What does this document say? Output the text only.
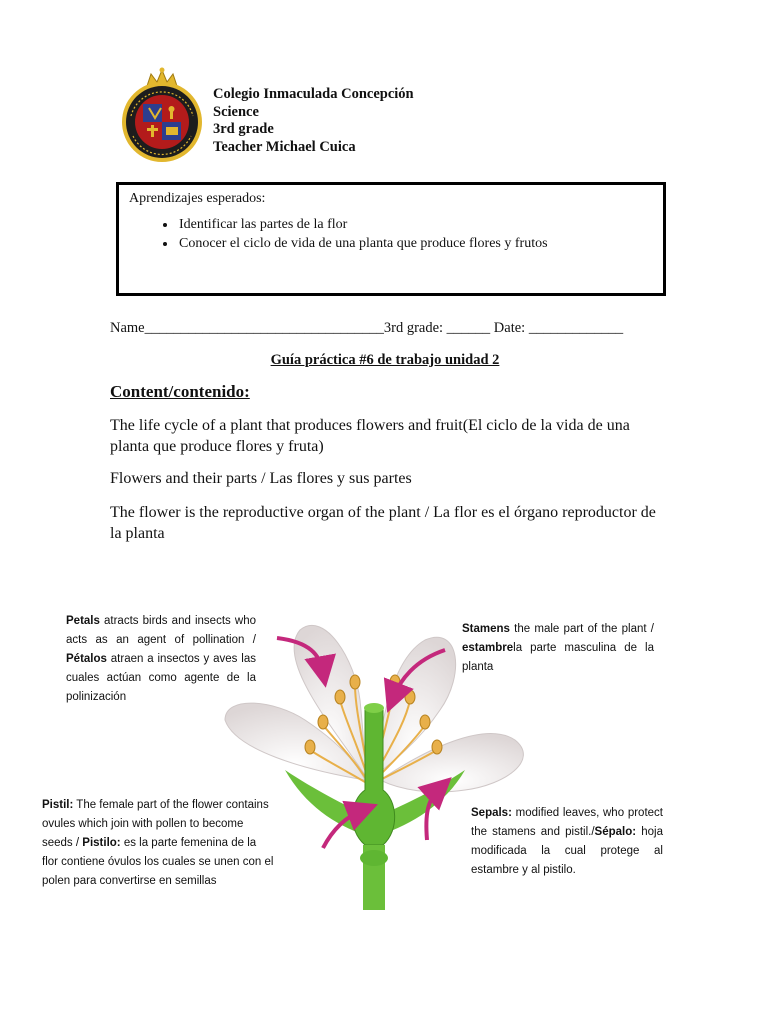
Colegio Inmaculada Concepción
Science
3rd grade
Teacher Michael Cuica
Aprendizajes esperados:
• Identificar las partes de la flor
• Conocer el ciclo de vida de una planta que produce flores y frutos
Name_________________________________3rd grade: ______ Date: _____________
Guía práctica #6 de trabajo unidad 2
Content/contenido:
The life cycle of a plant that produces flowers and fruit(El ciclo de la vida de una planta que produce flores y fruta)
Flowers and their parts / Las flores y sus partes
The flower is the reproductive organ of the plant / La flor es el órgano reproductor de la planta
Petals atracts birds and insects who acts as an agent of pollination / Pétalos atraen a insectos y aves las cuales actúan como agente de la polinización
Stamens the male part of the plant / estambrela parte masculina de la planta
Pistil: The female part of the flower contains ovules which join with pollen to become seeds / Pistilo: es la parte femenina de la flor contiene óvulos los cuales se unen con el polen para convertirse en semillas
Sepals: modified leaves, who protect the stamens and pistil./Sépalo: hoja modificada la cual protege al estambre y al pistilo.
